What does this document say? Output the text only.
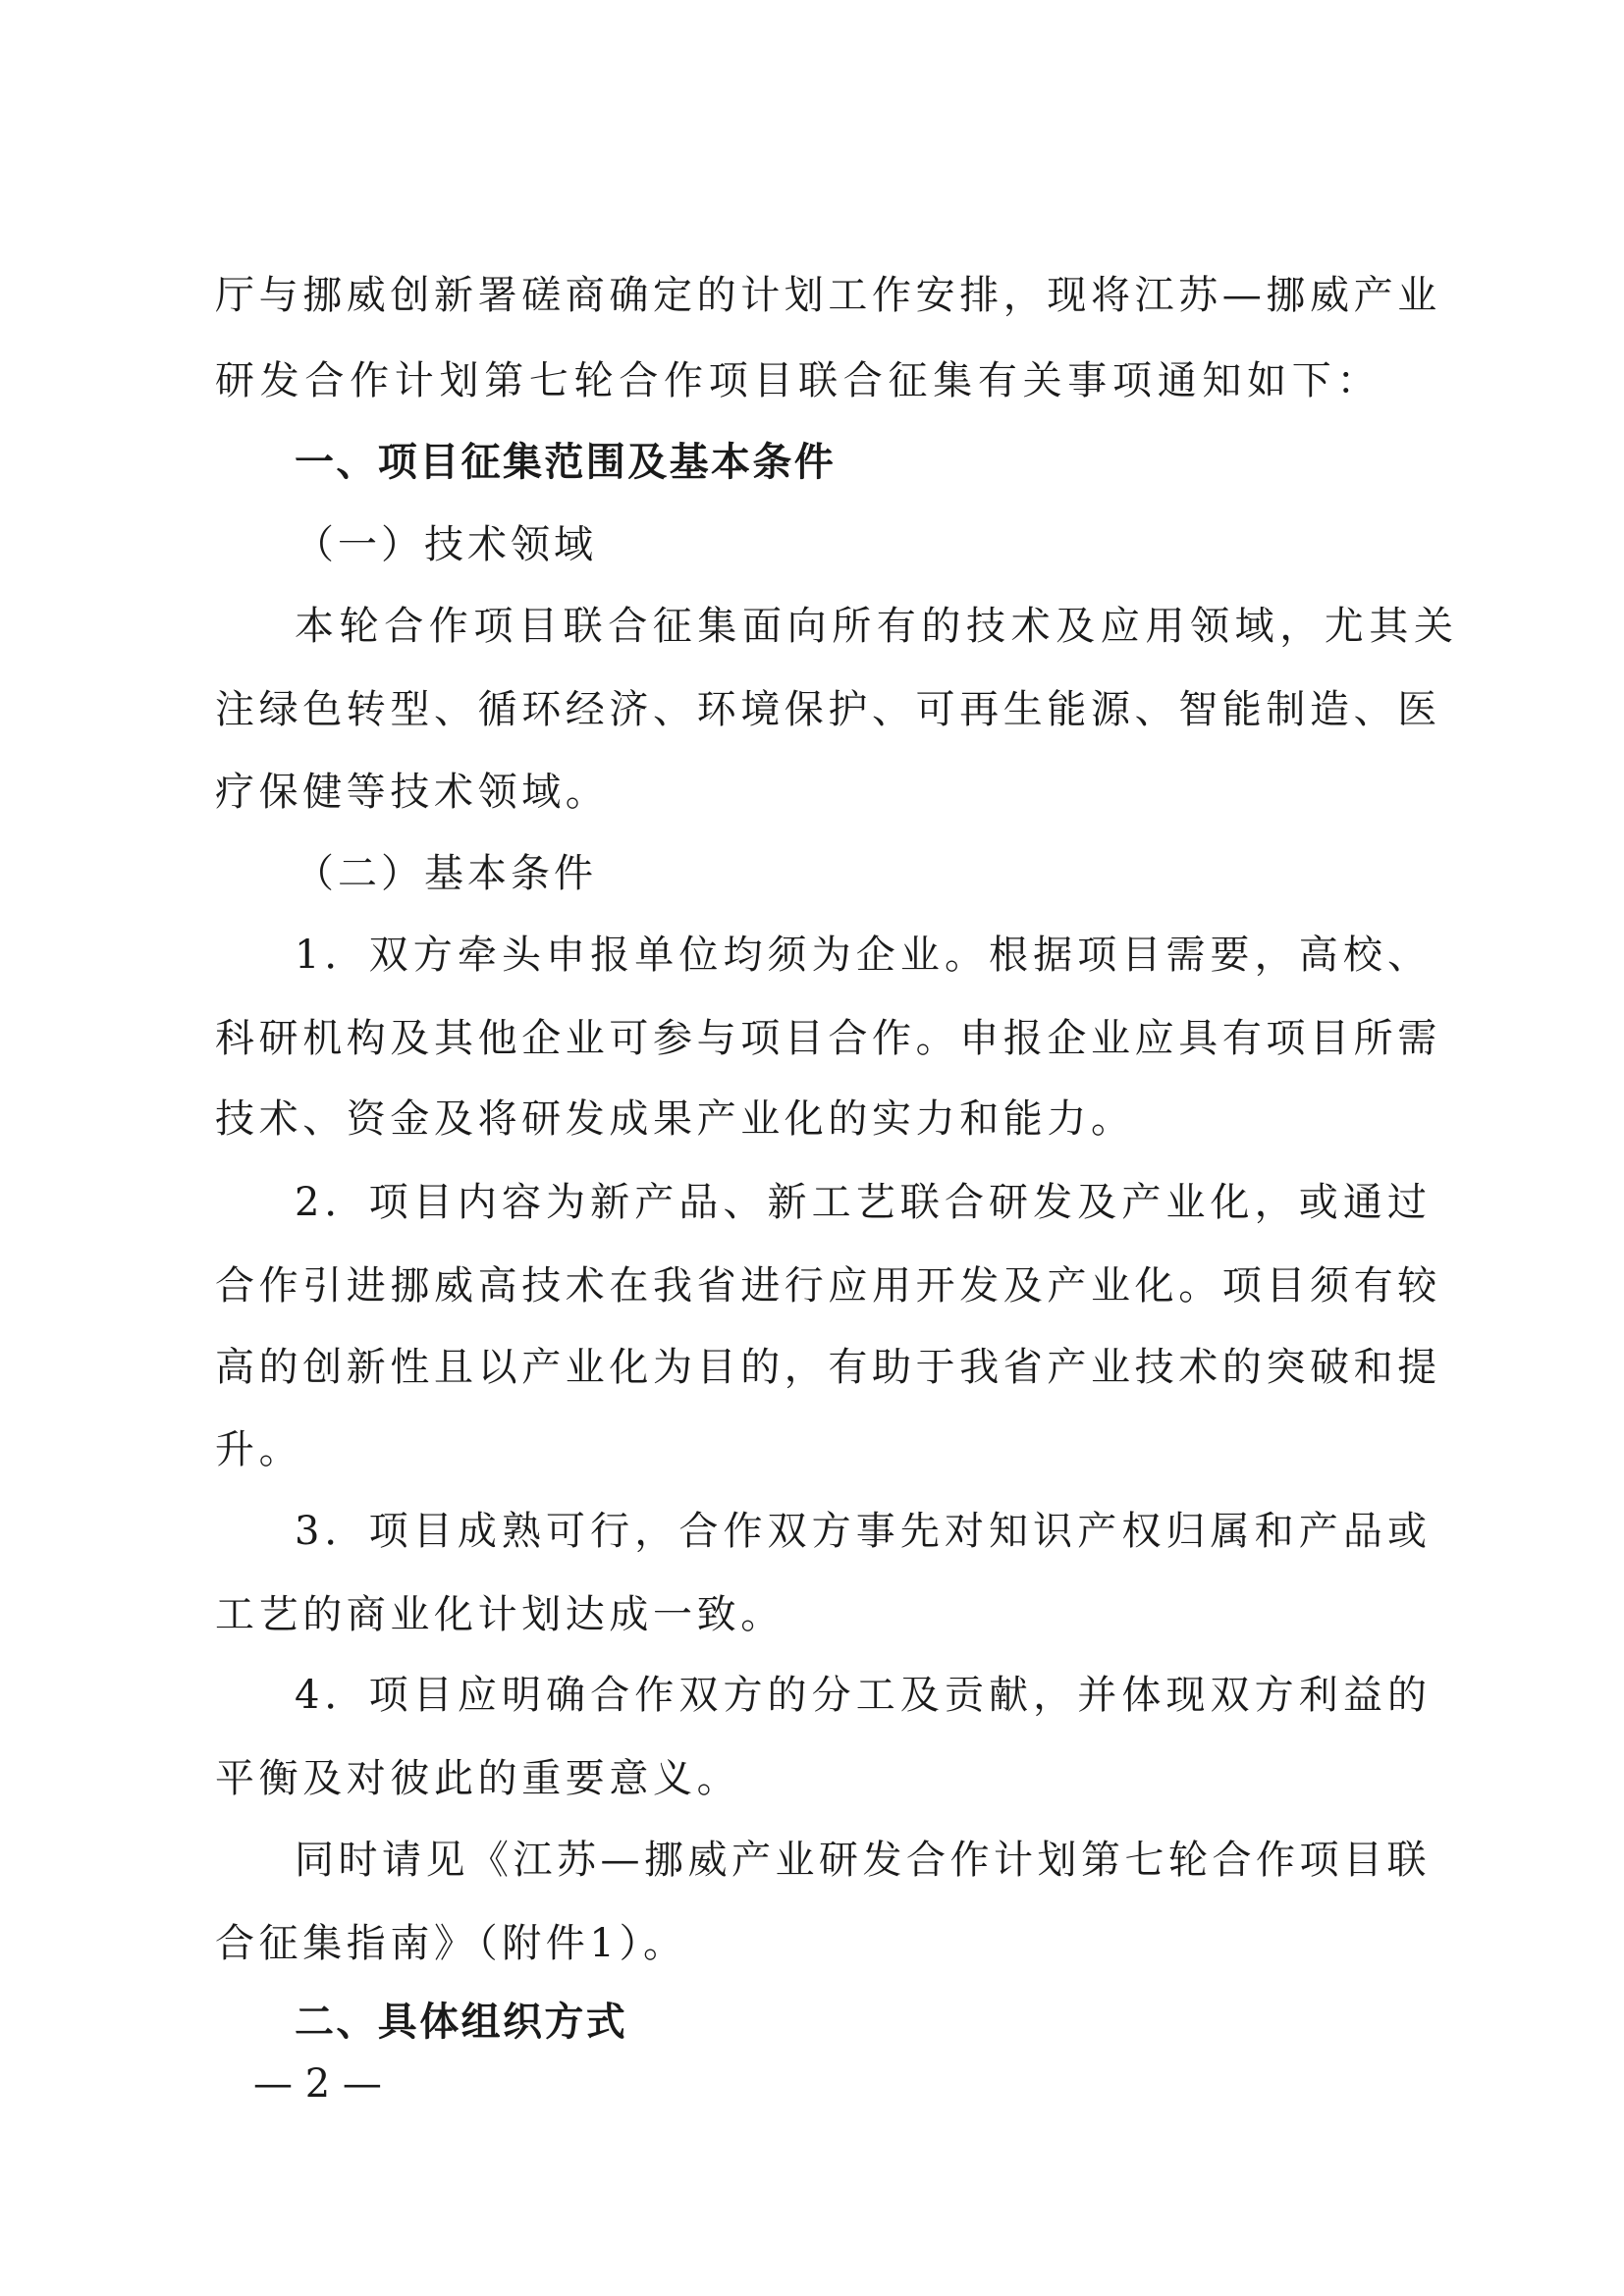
厅与挪威创新署磋商确定的计划工作安排，现将江苏—挪威产业
研发合作计划第七轮合作项目联合征集有关事项通知如下：
一、项目征集范围及基本条件
（一）技术领域
本轮合作项目联合征集面向所有的技术及应用领域，尤其关
注绿色转型、循环经济、环境保护、可再生能源、智能制造、医
疗保健等技术领域。
（二）基本条件
1．双方牵头申报单位均须为企业。根据项目需要，高校、
科研机构及其他企业可参与项目合作。申报企业应具有项目所需
技术、资金及将研发成果产业化的实力和能力。
2．项目内容为新产品、新工艺联合研发及产业化，或通过
合作引进挪威高技术在我省进行应用开发及产业化。项目须有较
高的创新性且以产业化为目的，有助于我省产业技术的突破和提
升。
3．项目成熟可行，合作双方事先对知识产权归属和产品或
工艺的商业化计划达成一致。
4．项目应明确合作双方的分工及贡献，并体现双方利益的
平衡及对彼此的重要意义。
同时请见《江苏—挪威产业研发合作计划第七轮合作项目联
合征集指南》（附件1）。
二、具体组织方式
— 2 —
